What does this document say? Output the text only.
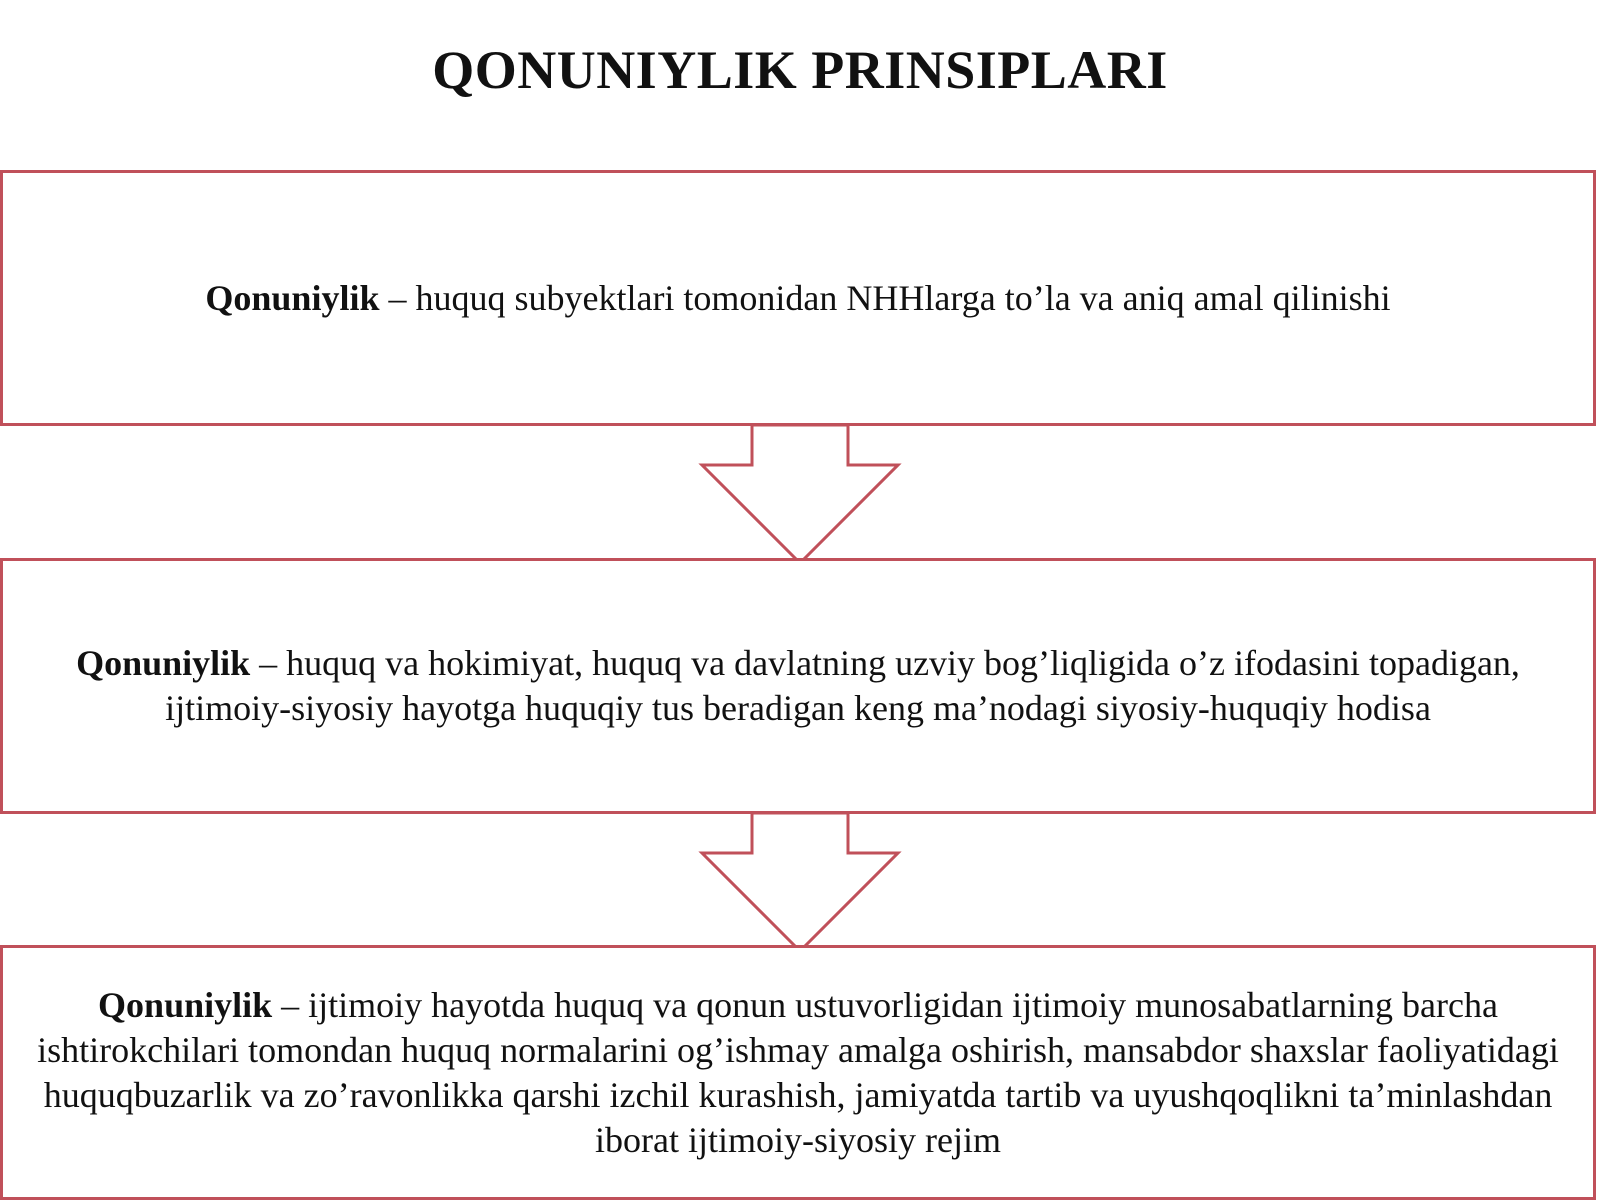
QONUNIYLIK PRINSIPLARI
Qonuniylik – huquq subyektlari tomonidan NHHlarga to’la va aniq amal qilinishi
Qonuniylik – huquq va hokimiyat, huquq va davlatning uzviy bog’liqligida o’z ifodasini topadigan, ijtimoiy-siyosiy hayotga huquqiy tus beradigan keng ma’nodagi siyosiy-huquqiy hodisa
Qonuniylik – ijtimoiy hayotda huquq va qonun ustuvorligidan ijtimoiy munosabatlarning barcha ishtirokchilari tomondan huquq normalarini og’ishmay amalga oshirish, mansabdor shaxslar faoliyatidagi huquqbuzarlik va zo’ravonlikka qarshi izchil kurashish, jamiyatda tartib va uyushqoqlikni ta’minlashdan iborat ijtimoiy-siyosiy rejim
